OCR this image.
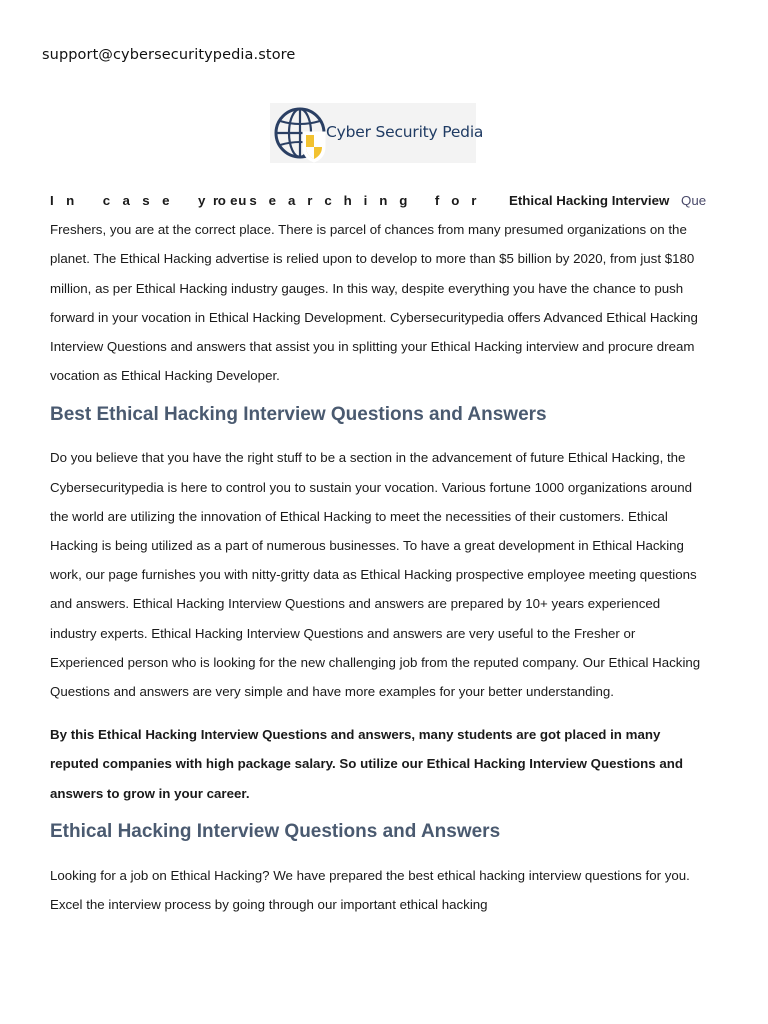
support@cybersecuritypedia.store
Cyber Security Pedia
In case you
researching for Ethical Hacking Interview Que

Freshers, you are at the correct place. There is parcel of chances from many presumed organizations on the planet. The Ethical Hacking advertise is relied upon to develop to more than $5 billion by 2020, from just $180 million, as per Ethical Hacking industry gauges. In this way, despite everything you have the chance to push forward in your vocation in Ethical Hacking Development. Cybersecuritypedia offers Advanced Ethical Hacking Interview Questions and answers that assist you in splitting your Ethical Hacking interview and procure dream vocation as Ethical Hacking Developer.

Best Ethical Hacking Interview Questions and Answers

Do you believe that you have the right stuff to be a section in the advancement of future Ethical Hacking, the Cybersecuritypedia is here to control you to sustain your vocation. Various fortune 1000 organizations around the world are utilizing the innovation of Ethical Hacking to meet the necessities of their customers. Ethical Hacking is being utilized as a part of numerous businesses. To have a great development in Ethical Hacking work, our page furnishes you with nitty-gritty data as Ethical Hacking prospective employee meeting questions and answers. Ethical Hacking Interview Questions and answers are prepared by 10+ years experienced industry experts. Ethical Hacking Interview Questions and answers are very useful to the Fresher or Experienced person who is looking for the new challenging job from the reputed company. Our Ethical Hacking Questions and answers are very simple and have more examples for your better understanding.

By this Ethical Hacking Interview Questions and answers, many students are got placed in many reputed companies with high package salary. So utilize our Ethical Hacking Interview Questions and answers to grow in your career.

Ethical Hacking Interview Questions and Answers

Looking for a job on Ethical Hacking? We have prepared the best ethical hacking interview questions for you. Excel the interview process by going through our important ethical hacking
